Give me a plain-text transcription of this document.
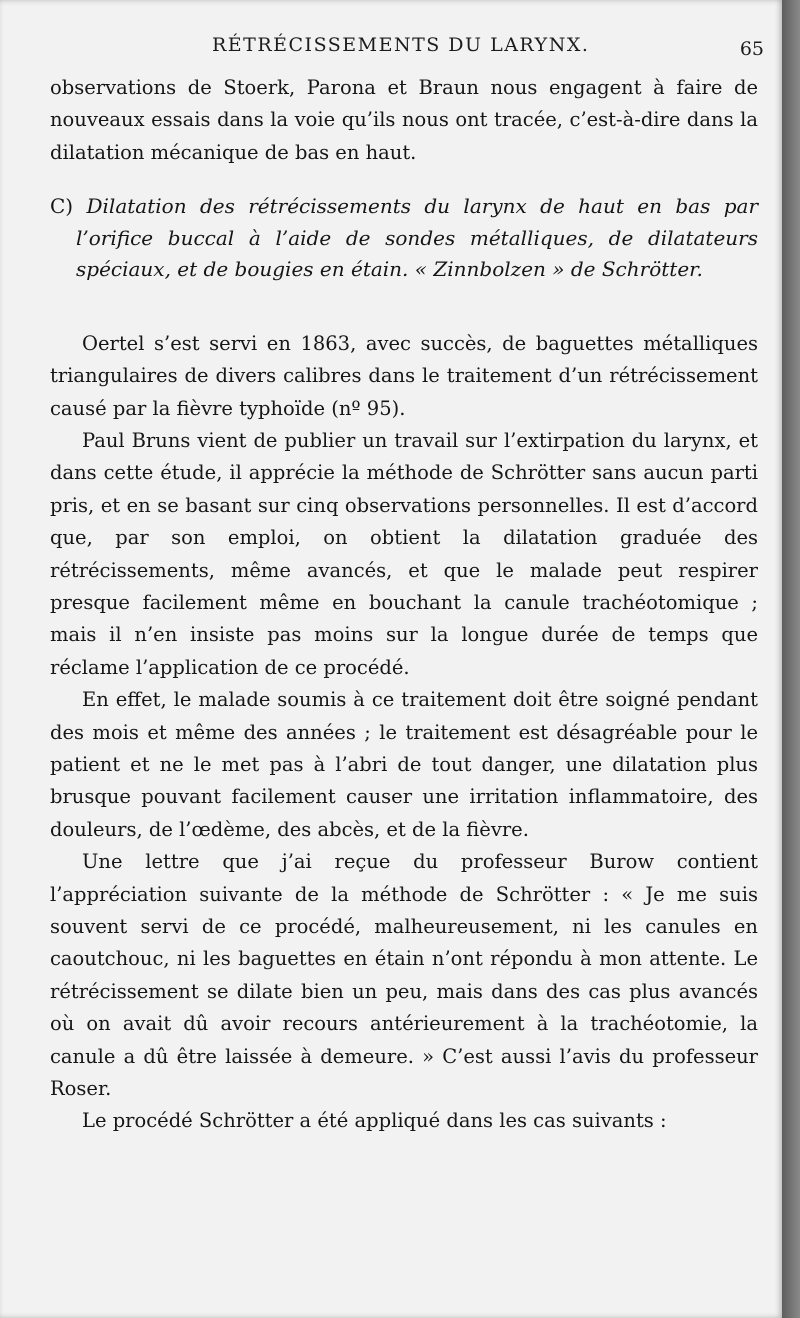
RÉTRÉCISSEMENTS DU LARYNX.	65

observations de Stoerk, Parona et Braun nous engagent à faire de nouveaux essais dans la voie qu’ils nous ont tracée, c’est-à-dire dans la dilatation mécanique de bas en haut.

C) Dilatation des rétrécissements du larynx de haut en bas par l’orifice buccal à l’aide de sondes métalliques, de dilatateurs spéciaux, et de bougies en étain. « Zinnbolzen » de Schrötter.

Oertel s’est servi en 1863, avec succès, de baguettes métalliques triangulaires de divers calibres dans le traitement d’un rétrécissement causé par la fièvre typhoïde (nº 95).

Paul Bruns vient de publier un travail sur l’extirpation du larynx, et dans cette étude, il apprécie la méthode de Schrötter sans aucun parti pris, et en se basant sur cinq observations personnelles. Il est d’accord que, par son emploi, on obtient la dilatation graduée des rétrécissements, même avancés, et que le malade peut respirer presque facilement même en bouchant la canule trachéotomique ; mais il n’en insiste pas moins sur la longue durée de temps que réclame l’application de ce procédé.

En effet, le malade soumis à ce traitement doit être soigné pendant des mois et même des années ; le traitement est désagréable pour le patient et ne le met pas à l’abri de tout danger, une dilatation plus brusque pouvant facilement causer une irritation inflammatoire, des douleurs, de l’œdème, des abcès, et de la fièvre.

Une lettre que j’ai reçue du professeur Burow contient l’appréciation suivante de la méthode de Schrötter : « Je me suis souvent servi de ce procédé, malheureusement, ni les canules en caoutchouc, ni les baguettes en étain n’ont répondu à mon attente. Le rétrécissement se dilate bien un peu, mais dans des cas plus avancés où on avait dû avoir recours antérieurement à la trachéotomie, la canule a dû être laissée à demeure. » C’est aussi l’avis du professeur Roser.

Le procédé Schrötter a été appliqué dans les cas suivants :
